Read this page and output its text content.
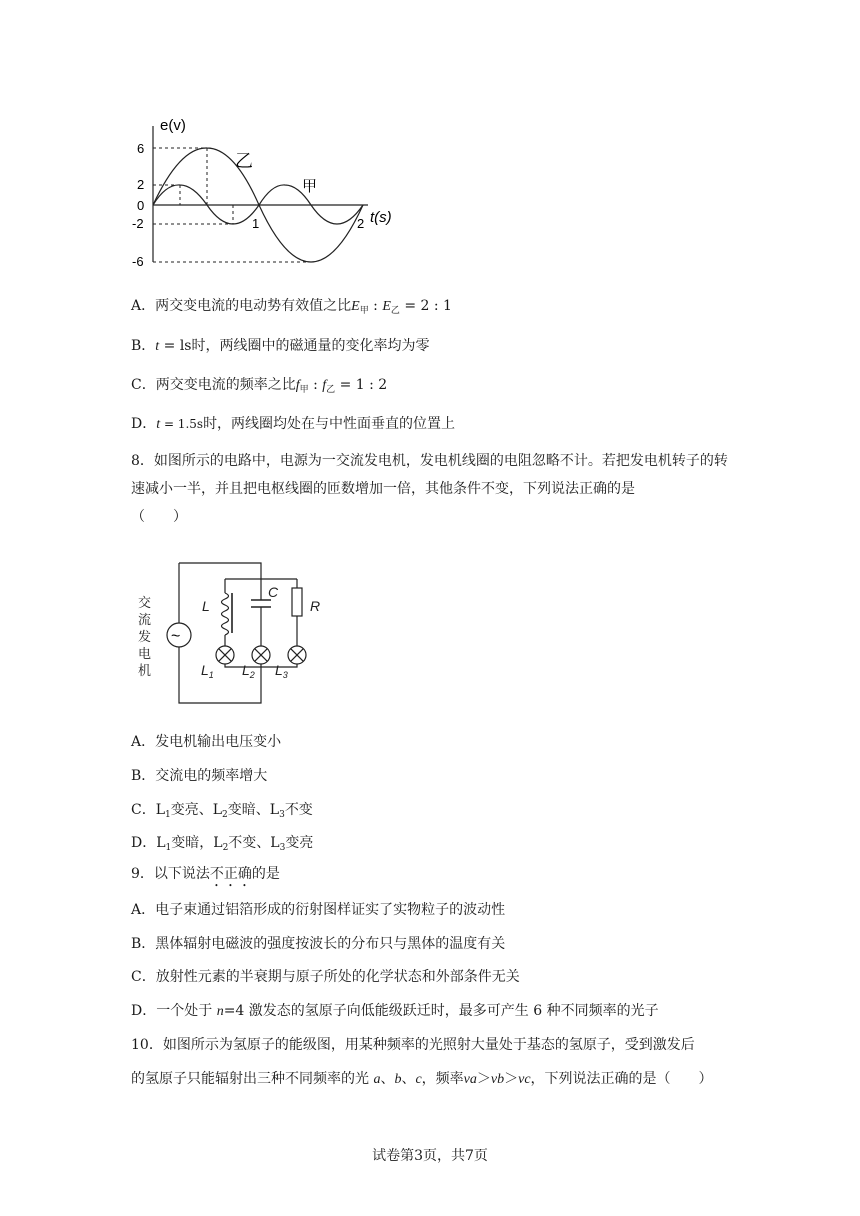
e(v)
6
2
0
-2
-6
1	2 t(s)
乙
甲
A．两交变电流的电动势有效值之比$E_甲$ : $E_乙 = 2$ : 1
B．t = ls时，两线圈中的磁通量的变化率均为零
C．两交变电流的频率之比$f_甲$ : $f_乙 = 1$ : 2
D．t = 1.5s时，两线圈均处在与中性面垂直的位置上
8．如图所示的电路中，电源为一交流发电机，发电机线圈的电阻忽略不计。若把发电机转子的转速减小一半，并且把电枢线圈的匝数增加一倍，其他条件不变，下列说法正确的是
（　　）
~
交
流
发
电
机
L
C
R
$L_1$ $L_2$ $L_3$
A．发电机输出电压变小
B．交流电的频率增大
C．$L_1$变亮、$L_2$变暗、$L_3$不变
D．$L_1$变暗，$L_2$不变、$L_3$变亮
9．以下说法不正确的是
A．电子束通过铝箔形成的衍射图样证实了实物粒子的波动性
B．黑体辐射电磁波的强度按波长的分布只与黑体的温度有关
C．放射性元素的半衰期与原子所处的化学状态和外部条件无关
D．一个处于 n=4 激发态的氢原子向低能级跃迁时，最多可产生 6 种不同频率的光子
10．如图所示为氢原子的能级图，用某种频率的光照射大量处于基态的氢原子，受到激发后
的氢原子只能辐射出三种不同频率的光 a、b、c，频率va＞vb＞vc，下列说法正确的是（　　）
试卷第3页，共7页
